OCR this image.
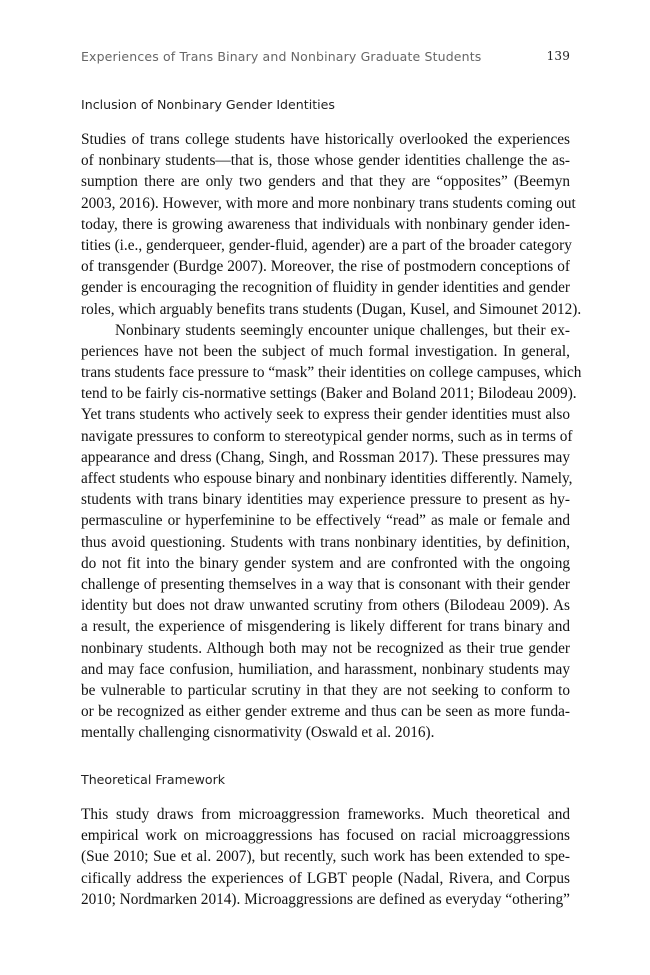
Experiences of Trans Binary and Nonbinary Graduate Students	139
Inclusion of Nonbinary Gender Identities
Studies of trans college students have historically overlooked the experiences
of nonbinary students—that is, those whose gender identities challenge the as-
sumption there are only two genders and that they are “opposites” (Beemyn
2003, 2016). However, with more and more nonbinary trans students coming out
today, there is growing awareness that individuals with nonbinary gender iden-
tities (i.e., genderqueer, gender-fluid, agender) are a part of the broader category
of transgender (Burdge 2007). Moreover, the rise of postmodern conceptions of
gender is encouraging the recognition of fluidity in gender identities and gender
roles, which arguably benefits trans students (Dugan, Kusel, and Simounet 2012).
Nonbinary students seemingly encounter unique challenges, but their ex-
periences have not been the subject of much formal investigation. In general,
trans students face pressure to “mask” their identities on college campuses, which
tend to be fairly cis-normative settings (Baker and Boland 2011; Bilodeau 2009).
Yet trans students who actively seek to express their gender identities must also
navigate pressures to conform to stereotypical gender norms, such as in terms of
appearance and dress (Chang, Singh, and Rossman 2017). These pressures may
affect students who espouse binary and nonbinary identities differently. Namely,
students with trans binary identities may experience pressure to present as hy-
permasculine or hyperfeminine to be effectively “read” as male or female and
thus avoid questioning. Students with trans nonbinary identities, by definition,
do not fit into the binary gender system and are confronted with the ongoing
challenge of presenting themselves in a way that is consonant with their gender
identity but does not draw unwanted scrutiny from others (Bilodeau 2009). As
a result, the experience of misgendering is likely different for trans binary and
nonbinary students. Although both may not be recognized as their true gender
and may face confusion, humiliation, and harassment, nonbinary students may
be vulnerable to particular scrutiny in that they are not seeking to conform to
or be recognized as either gender extreme and thus can be seen as more funda-
mentally challenging cisnormativity (Oswald et al. 2016).
Theoretical Framework
This study draws from microaggression frameworks. Much theoretical and
empirical work on microaggressions has focused on racial microaggressions
(Sue 2010; Sue et al. 2007), but recently, such work has been extended to spe-
cifically address the experiences of LGBT people (Nadal, Rivera, and Corpus
2010; Nordmarken 2014). Microaggressions are defined as everyday “othering”
